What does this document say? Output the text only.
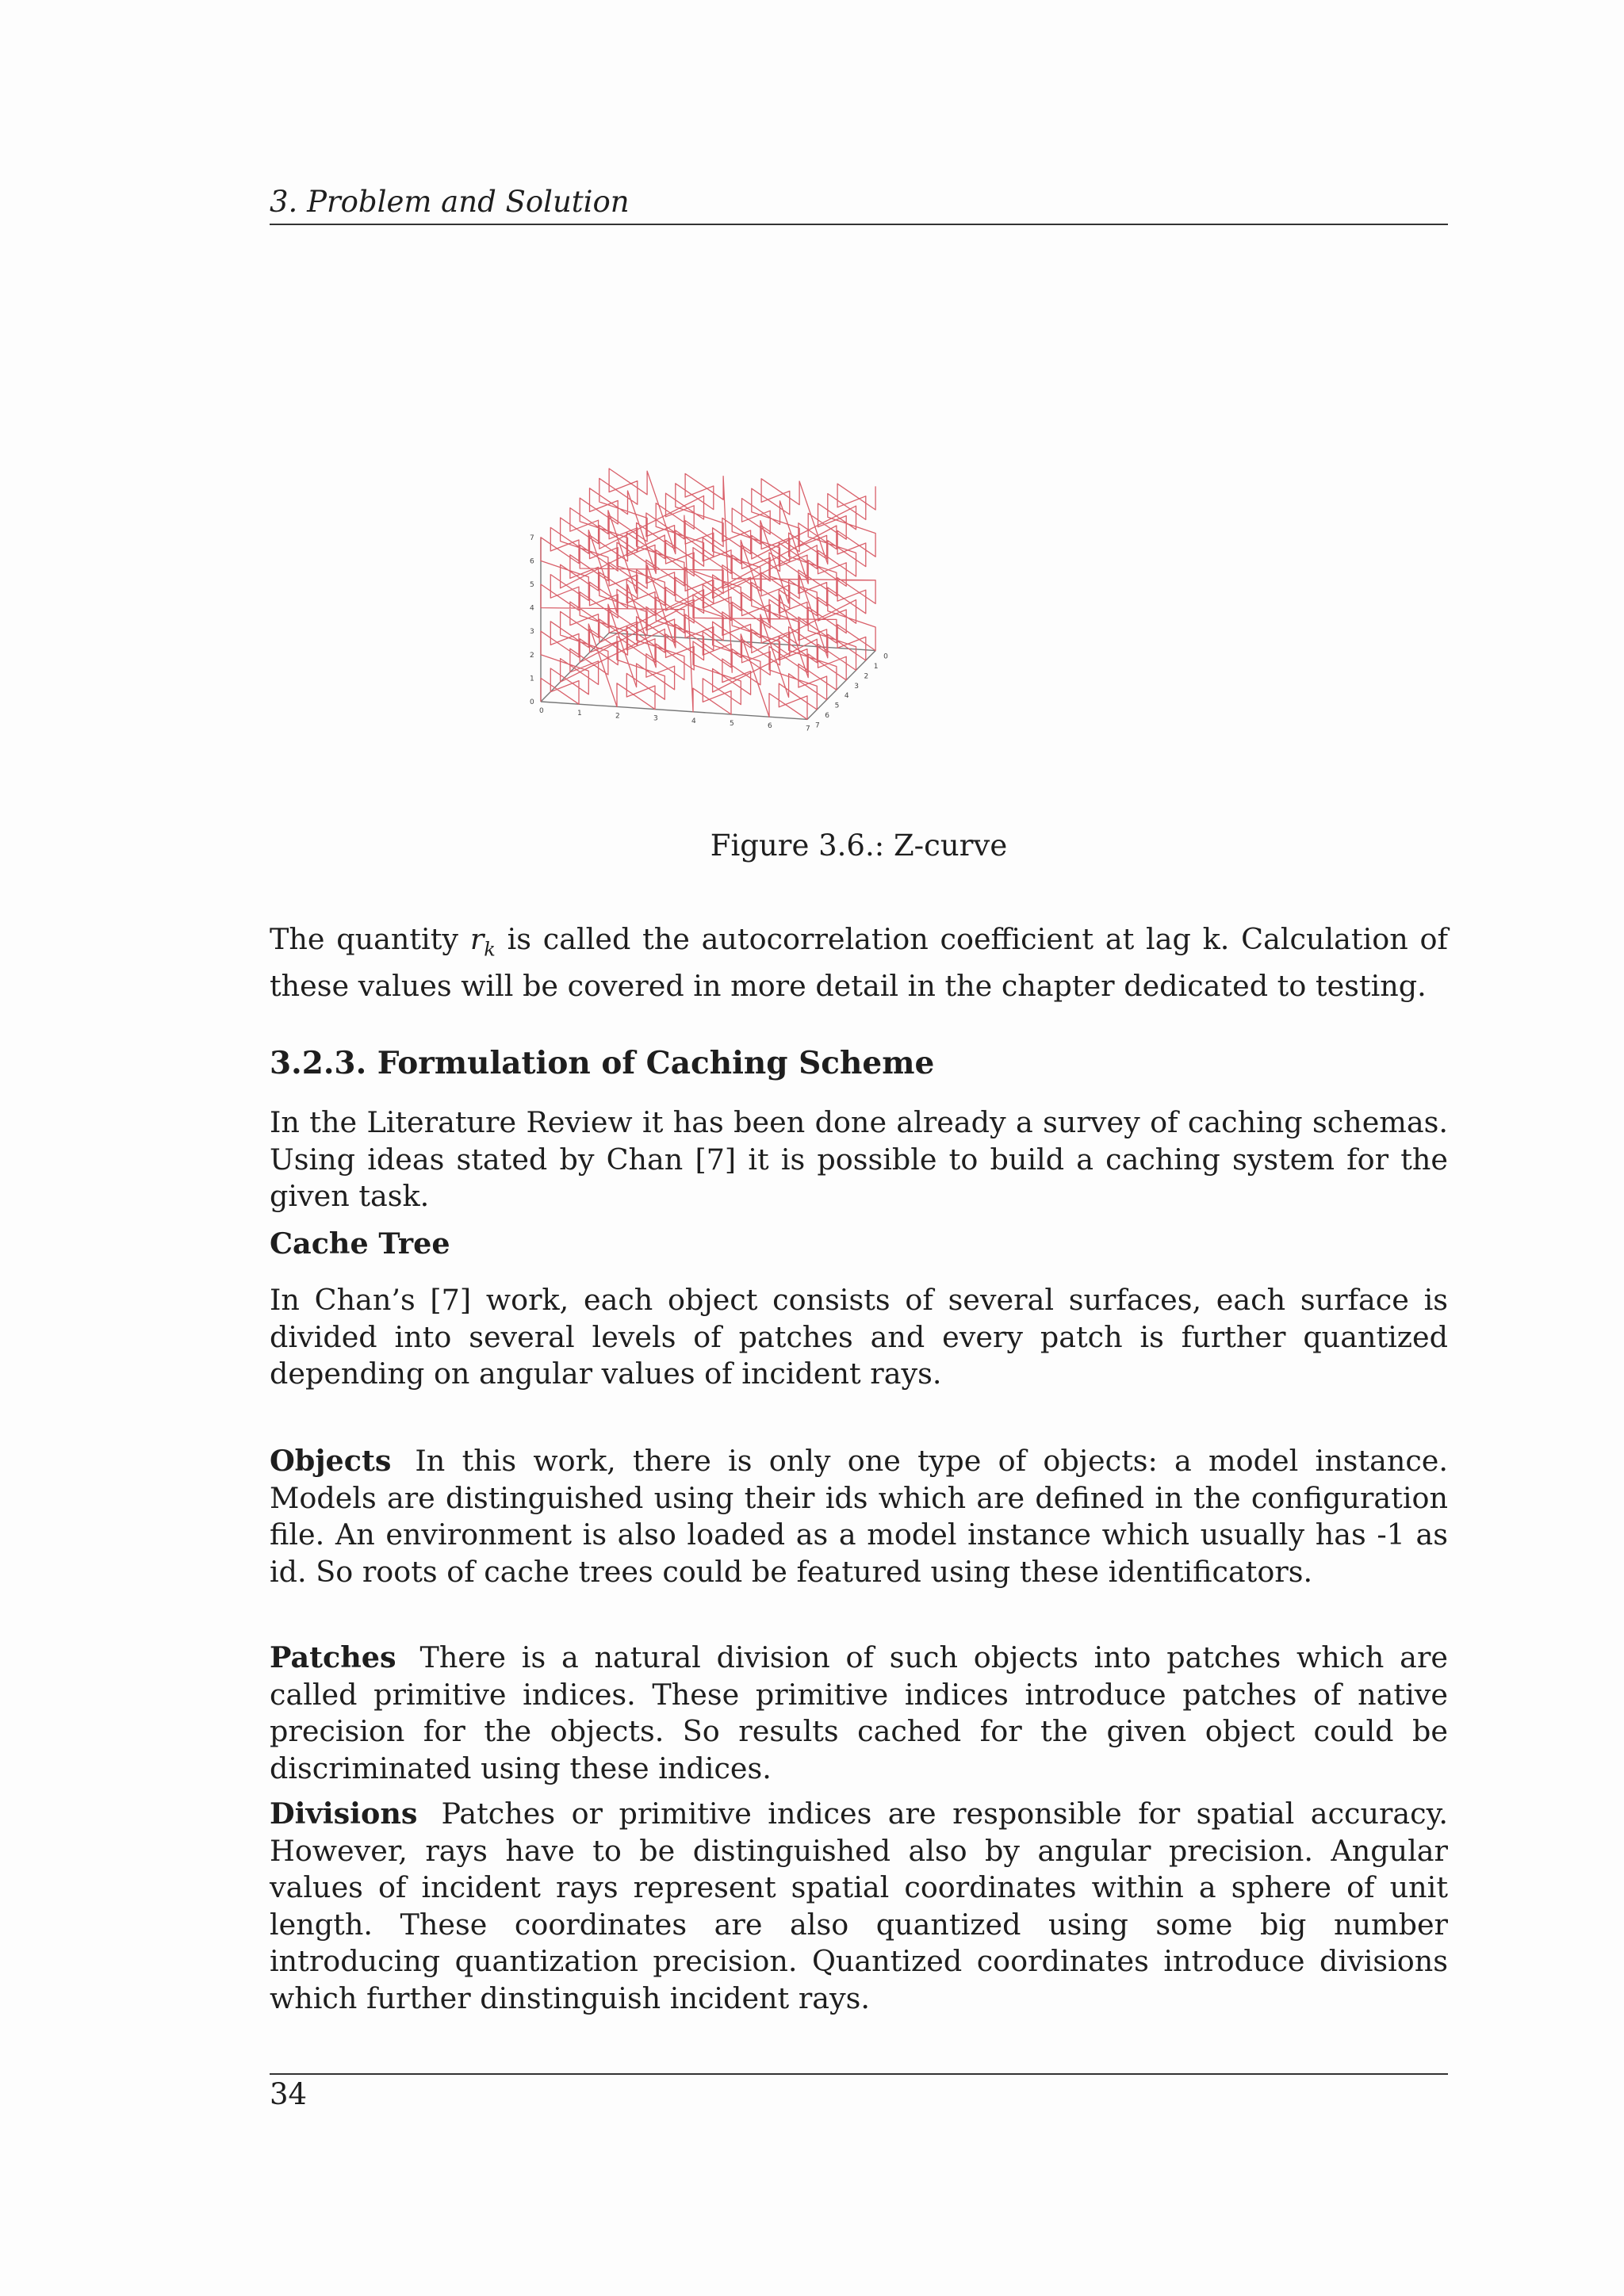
3. Problem and Solution
0	1	2	3	4	5	6	7
0
1
2
3
4
5
6
7
0
1
2
3
4
5
6
7
Figure 3.6.: Z-curve

The quantity $r_k$ is called the autocorrelation coefficient at lag k. Calculation of these values will be covered in more detail in the chapter dedicated to testing.

3.2.3. Formulation of Caching Scheme

In the Literature Review it has been done already a survey of caching schemas. Using ideas stated by Chan [7] it is possible to build a caching system for the given task.

Cache Tree

In Chan’s [7] work, each object consists of several surfaces, each surface is divided into several levels of patches and every patch is further quantized depending on angular values of incident rays.

Objects In this work, there is only one type of objects: a model instance. Models are distinguished using their ids which are defined in the configuration file. An environment is also loaded as a model instance which usually has -1 as id. So roots of cache trees could be featured using these identificators.

Patches There is a natural division of such objects into patches which are called primitive indices. These primitive indices introduce patches of native precision for the objects. So results cached for the given object could be discriminated using these indices.

Divisions Patches or primitive indices are responsible for spatial accuracy. However, rays have to be distinguished also by angular precision. Angular values of incident rays represent spatial coordinates within a sphere of unit length. These coordinates are also quantized using some big number introducing quantization precision. Quantized coordinates introduce divisions which further dinstinguish incident rays.

34
